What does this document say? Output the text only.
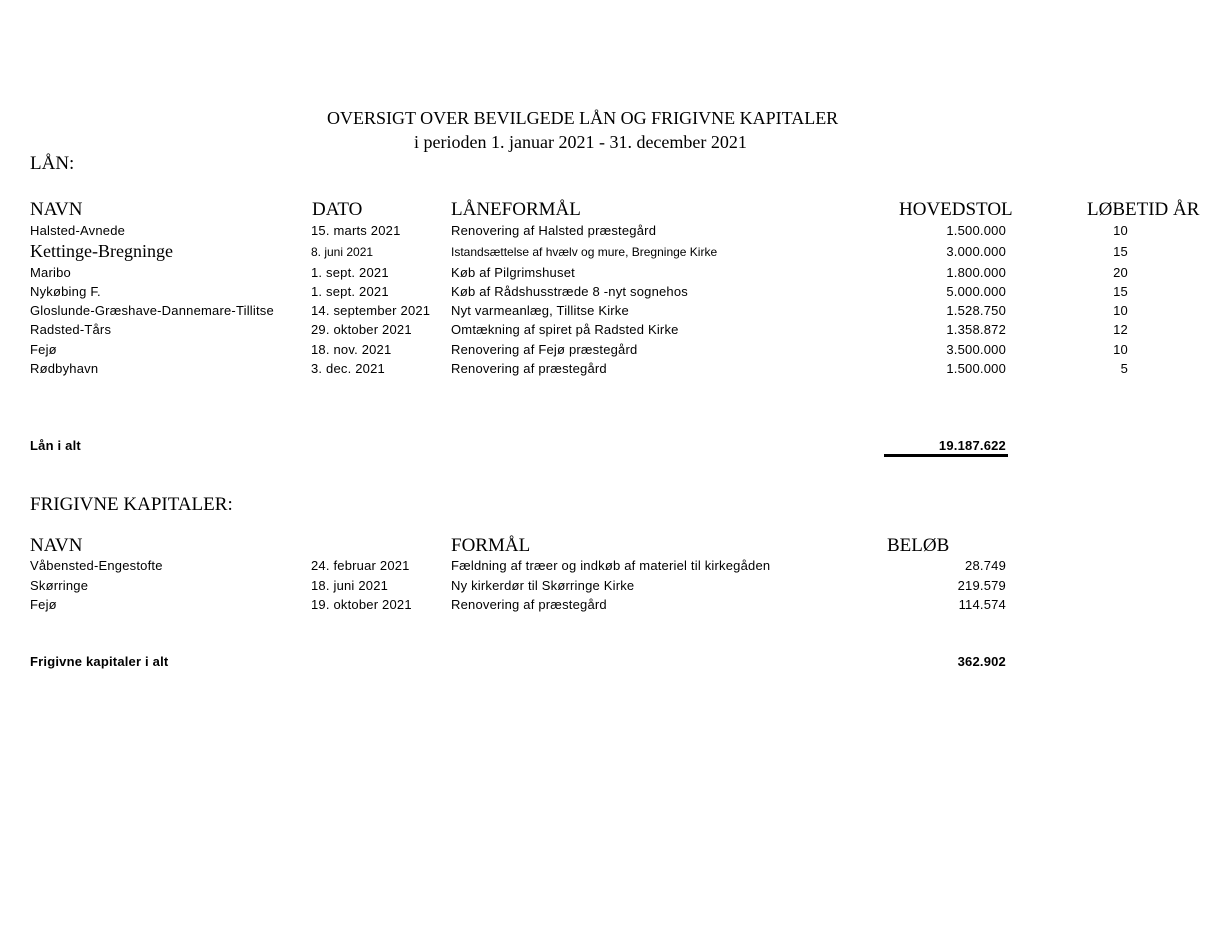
OVERSIGT OVER BEVILGEDE LÅN OG FRIGIVNE KAPITALER
i perioden 1. januar 2021 - 31. december 2021
LÅN:
NAVN	DATO	LÅNEFORMÅL	HOVEDSTOL	LØBETID ÅR
Halsted-Avnede	15. marts 2021	Renovering af Halsted præstegård	1.500.000	10
Kettinge-Bregninge	8. juni 2021	Istandsættelse af hvælv og mure, Bregninge Kirke	3.000.000	15
Maribo	1. sept. 2021	Køb af Pilgrimshuset	1.800.000	20
Nykøbing F.	1. sept. 2021	Køb af Rådshusstræde 8 -nyt sognehos	5.000.000	15
Gloslunde-Græshave-Dannemare-Tillitse	14. september 2021 Nyt varmeanlæg, Tillitse Kirke	1.528.750	10
Radsted-Tårs	29. oktober 2021	Omtækning af spiret på Radsted Kirke	1.358.872	12
Fejø	18. nov. 2021	Renovering af Fejø præstegård	3.500.000	10
Rødbyhavn	3. dec. 2021	Renovering af præstegård	1.500.000	5
Lån i alt	19.187.622
FRIGIVNE KAPITALER:
NAVN	FORMÅL	BELØB
Våbensted-Engestofte	24. februar 2021	Fældning af træer og indkøb af materiel til kirkegåden	28.749
Skørringe	18. juni 2021	Ny kirkerdør til Skørringe Kirke	219.579
Fejø	19. oktober 2021	Renovering af præstegård	114.574
Frigivne kapitaler i alt	362.902
